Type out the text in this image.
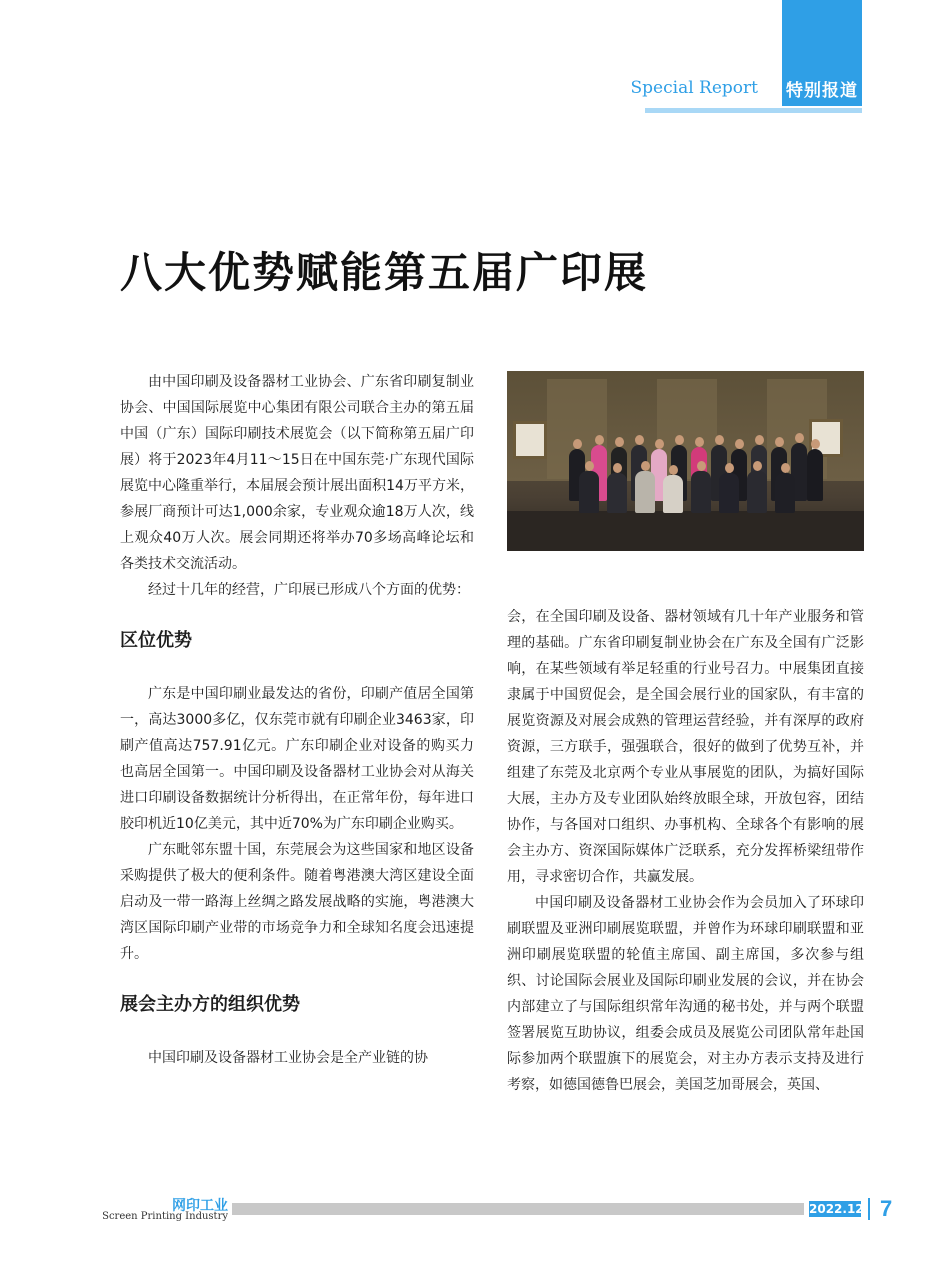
特别报道
Special Report
八大优势赋能第五届广印展

由中国印刷及设备器材工业协会、广东省印刷复制业协会、中国国际展览中心集团有限公司联合主办的第五届中国（广东）国际印刷技术展览会（以下简称第五届广印展）将于2023年4月11～15日在中国东莞·广东现代国际展览中心隆重举行，本届展会预计展出面积14万平方米，参展厂商预计可达1,000余家，专业观众逾18万人次，线上观众40万人次。展会同期还将举办70多场高峰论坛和各类技术交流活动。

经过十几年的经营，广印展已形成八个方面的优势：

区位优势

广东是中国印刷业最发达的省份，印刷产值居全国第一，高达3000多亿，仅东莞市就有印刷企业3463家，印刷产值高达757.91亿元。广东印刷企业对设备的购买力也高居全国第一。中国印刷及设备器材工业协会对从海关进口印刷设备数据统计分析得出，在正常年份，每年进口胶印机近10亿美元，其中近70%为广东印刷企业购买。

广东毗邻东盟十国，东莞展会为这些国家和地区设备采购提供了极大的便利条件。随着粤港澳大湾区建设全面启动及一带一路海上丝绸之路发展战略的实施，粤港澳大湾区国际印刷产业带的市场竞争力和全球知名度会迅速提升。

展会主办方的组织优势

中国印刷及设备器材工业协会是全产业链的协

会，在全国印刷及设备、器材领域有几十年产业服务和管理的基础。广东省印刷复制业协会在广东及全国有广泛影响，在某些领域有举足轻重的行业号召力。中展集团直接隶属于中国贸促会，是全国会展行业的国家队，有丰富的展览资源及对展会成熟的管理运营经验，并有深厚的政府资源，三方联手，强强联合，很好的做到了优势互补，并组建了东莞及北京两个专业从事展览的团队，为搞好国际大展，主办方及专业团队始终放眼全球，开放包容，团结协作，与各国对口组织、办事机构、全球各个有影响的展会主办方、资深国际媒体广泛联系，充分发挥桥梁纽带作用，寻求密切合作，共赢发展。

中国印刷及设备器材工业协会作为会员加入了环球印刷联盟及亚洲印刷展览联盟，并曾作为环球印刷联盟和亚洲印刷展览联盟的轮值主席国、副主席国，多次参与组织、讨论国际会展业及国际印刷业发展的会议，并在协会内部建立了与国际组织常年沟通的秘书处，并与两个联盟签署展览互助协议，组委会成员及展览公司团队常年赴国际参加两个联盟旗下的展览会，对主办方表示支持及进行考察，如德国德鲁巴展会，美国芝加哥展会，英国、

网印工业
Screen Printing Industry
2022.12 7
